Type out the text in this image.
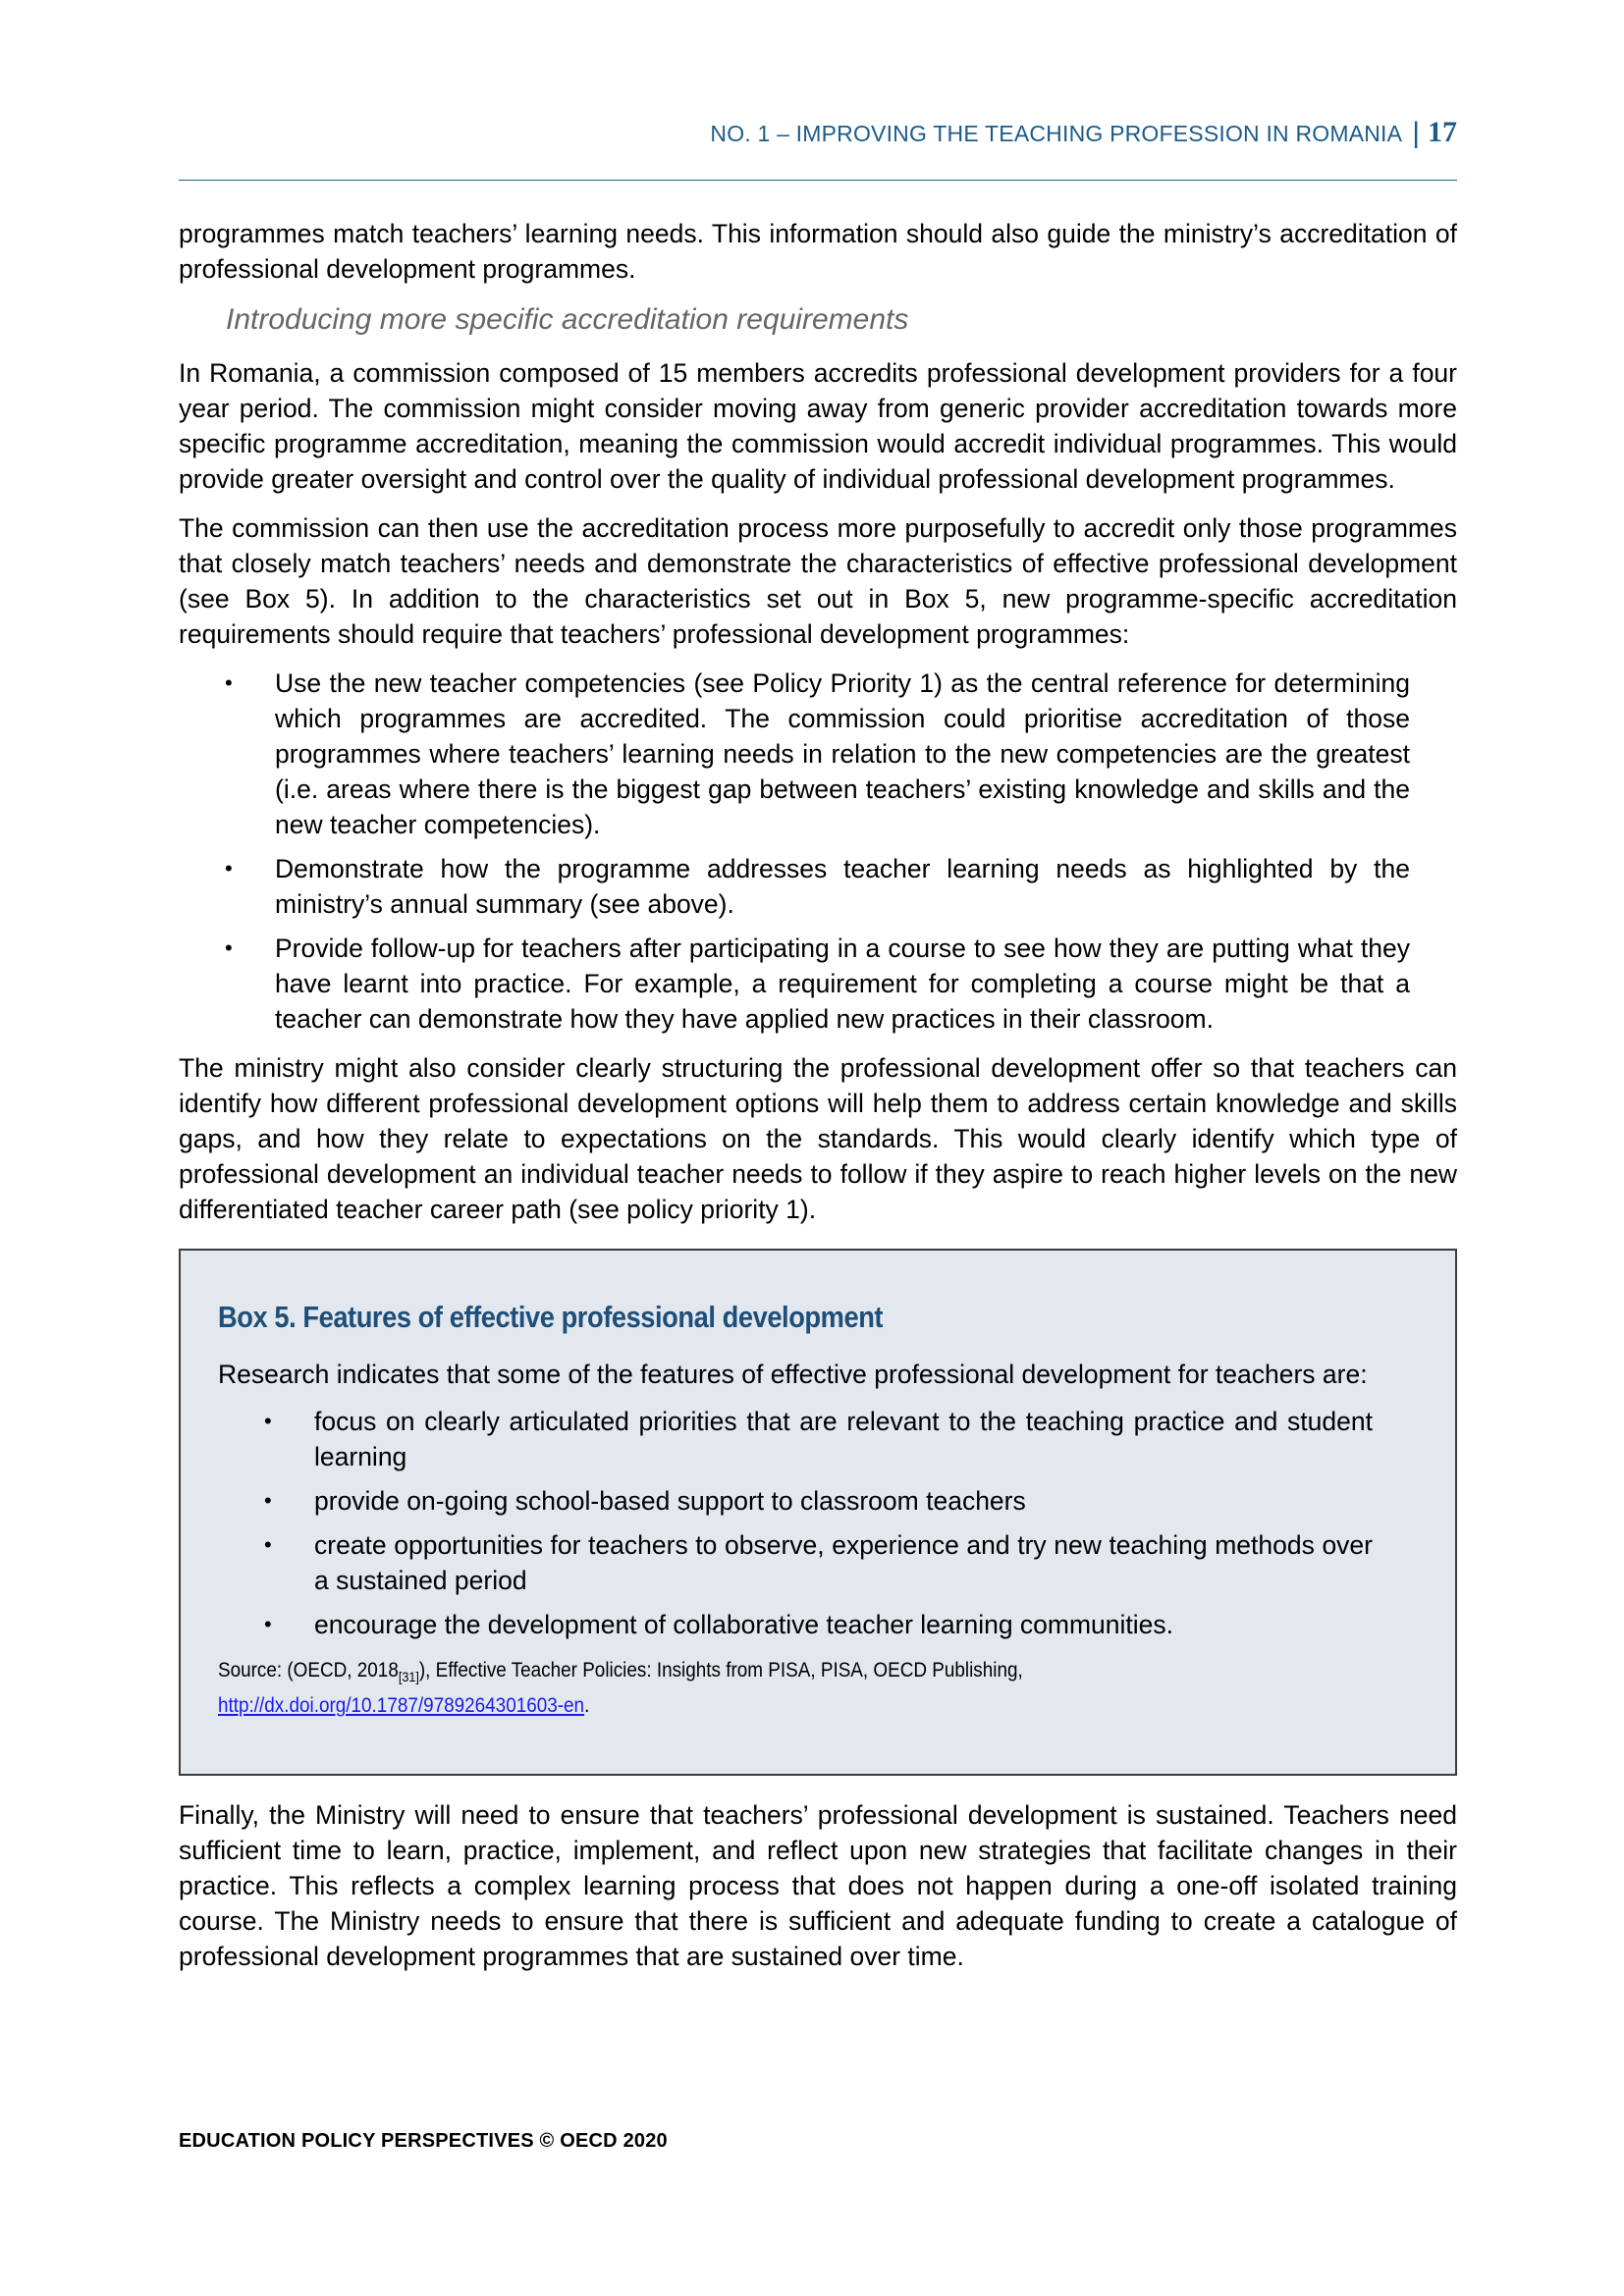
NO. 1 – IMPROVING THE TEACHING PROFESSION IN ROMANIA | 17

programmes match teachers’ learning needs. This information should also guide the ministry’s accreditation of professional development programmes.

Introducing more specific accreditation requirements

In Romania, a commission composed of 15 members accredits professional development providers for a four year period. The commission might consider moving away from generic provider accreditation towards more specific programme accreditation, meaning the commission would accredit individual programmes. This would provide greater oversight and control over the quality of individual professional development programmes.

The commission can then use the accreditation process more purposefully to accredit only those programmes that closely match teachers’ needs and demonstrate the characteristics of effective professional development (see Box 5). In addition to the characteristics set out in Box 5, new programme-specific accreditation requirements should require that teachers’ professional development programmes:

• Use the new teacher competencies (see Policy Priority 1) as the central reference for determining which programmes are accredited. The commission could prioritise accreditation of those programmes where teachers’ learning needs in relation to the new competencies are the greatest (i.e. areas where there is the biggest gap between teachers’ existing knowledge and skills and the new teacher competencies).
• Demonstrate how the programme addresses teacher learning needs as highlighted by the ministry’s annual summary (see above).
• Provide follow-up for teachers after participating in a course to see how they are putting what they have learnt into practice. For example, a requirement for completing a course might be that a teacher can demonstrate how they have applied new practices in their classroom.

The ministry might also consider clearly structuring the professional development offer so that teachers can identify how different professional development options will help them to address certain knowledge and skills gaps, and how they relate to expectations on the standards. This would clearly identify which type of professional development an individual teacher needs to follow if they aspire to reach higher levels on the new differentiated teacher career path (see policy priority 1).

Box 5. Features of effective professional development

Research indicates that some of the features of effective professional development for teachers are:

• focus on clearly articulated priorities that are relevant to the teaching practice and student learning
• provide on-going school-based support to classroom teachers
• create opportunities for teachers to observe, experience and try new teaching methods over a sustained period
• encourage the development of collaborative teacher learning communities.
Source: (OECD, $2018_{[31]}$), Effective Teacher Policies: Insights from PISA, PISA, OECD Publishing,
http://dx.doi.org/10.1787/9789264301603-en.

Finally, the Ministry will need to ensure that teachers’ professional development is sustained. Teachers need sufficient time to learn, practice, implement, and reflect upon new strategies that facilitate changes in their practice. This reflects a complex learning process that does not happen during a one-off isolated training course. The Ministry needs to ensure that there is sufficient and adequate funding to create a catalogue of professional development programmes that are sustained over time.

EDUCATION POLICY PERSPECTIVES © OECD 2020
